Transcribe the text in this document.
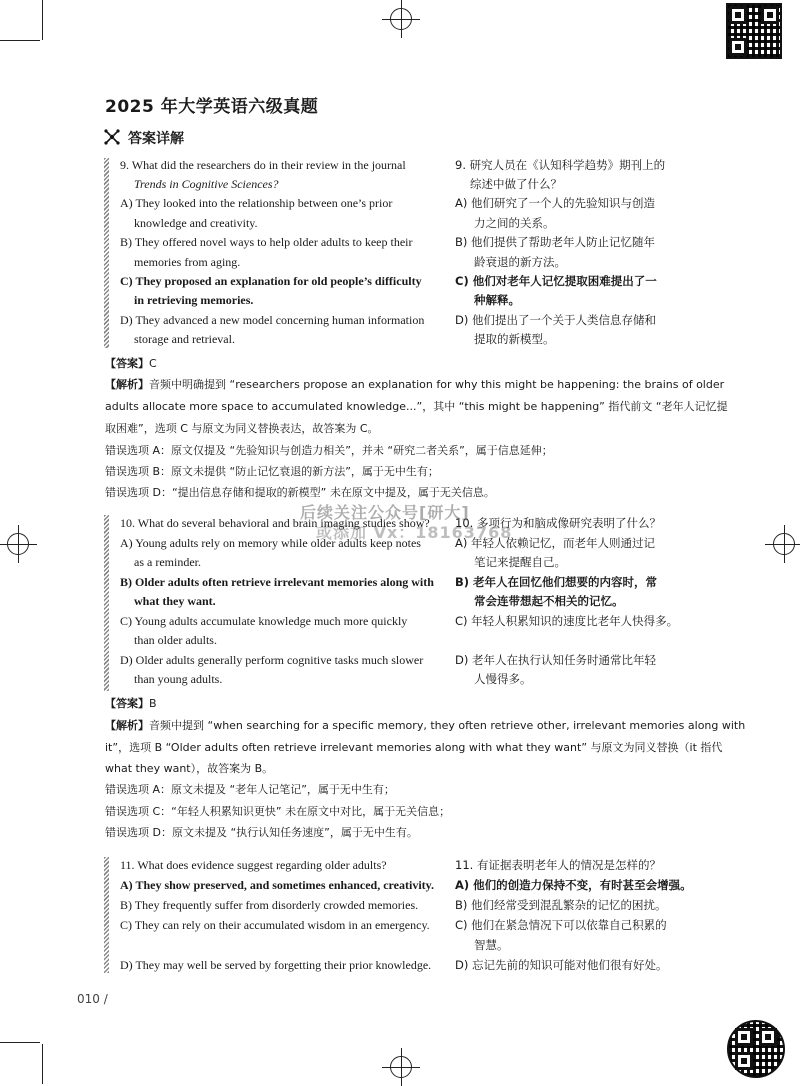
2025 年大学英语六级真题
答案详解
9. What did the researchers do in their review in the journal
Trends in Cognitive Sciences?
A) They looked into the relationship between one’s prior
knowledge and creativity.
B) They offered novel ways to help older adults to keep their
memories from aging.
C) They proposed an explanation for old people’s difficulty
in retrieving memories.
D) They advanced a new model concerning human information
storage and retrieval.
9. 研究人员在《认知科学趋势》期刊上的
综述中做了什么？
A) 他们研究了一个人的先验知识与创造
力之间的关系。
B) 他们提供了帮助老年人防止记忆随年
龄衰退的新方法。
C) 他们对老年人记忆提取困难提出了一
种解释。
D) 他们提出了一个关于人类信息存储和
提取的新模型。
【答案】C
【解析】音频中明确提到 “researchers propose an explanation for why this might be happening: the brains of older
adults allocate more space to accumulated knowledge...”，其中 “this might be happening” 指代前文 “老年人记忆提
取困难”，选项 C 与原文为同义替换表达，故答案为 C。
错误选项 A：原文仅提及 “先验知识与创造力相关”，并未 “研究二者关系”，属于信息延伸；
错误选项 B：原文未提供 “防止记忆衰退的新方法”，属于无中生有；
错误选项 D：“提出信息存储和提取的新模型” 未在原文中提及，属于无关信息。
10. What do several behavioral and brain imaging studies show?
A) Young adults rely on memory while older adults keep notes
as a reminder.
B) Older adults often retrieve irrelevant memories along with
what they want.
C) Young adults accumulate knowledge much more quickly
than older adults.
D) Older adults generally perform cognitive tasks much slower
than young adults.
10. 多项行为和脑成像研究表明了什么？
A) 年轻人依赖记忆，而老年人则通过记
笔记来提醒自己。
B) 老年人在回忆他们想要的内容时，常
常会连带想起不相关的记忆。
C) 年轻人积累知识的速度比老年人快得多。
D) 老年人在执行认知任务时通常比年轻
人慢得多。
【答案】B
【解析】音频中提到 “when searching for a specific memory, they often retrieve other, irrelevant memories along with
it”，选项 B “Older adults often retrieve irrelevant memories along with what they want” 与原文为同义替换（it 指代
what they want），故答案为 B。
错误选项 A：原文未提及 “老年人记笔记”，属于无中生有；
错误选项 C：“年轻人积累知识更快” 未在原文中对比，属于无关信息；
错误选项 D：原文未提及 “执行认知任务速度”，属于无中生有。
11. What does evidence suggest regarding older adults?
A) They show preserved, and sometimes enhanced, creativity.
B) They frequently suffer from disorderly crowded memories.
C) They can rely on their accumulated wisdom in an emergency.
D) They may well be served by forgetting their prior knowledge.
11. 有证据表明老年人的情况是怎样的？
A) 他们的创造力保持不变，有时甚至会增强。
B) 他们经常受到混乱繁杂的记忆的困扰。
C) 他们在紧急情况下可以依靠自己积累的
智慧。
D) 忘记先前的知识可能对他们很有好处。
后续关注公众号[研大]
或添加 Vx：18163768
010 /
